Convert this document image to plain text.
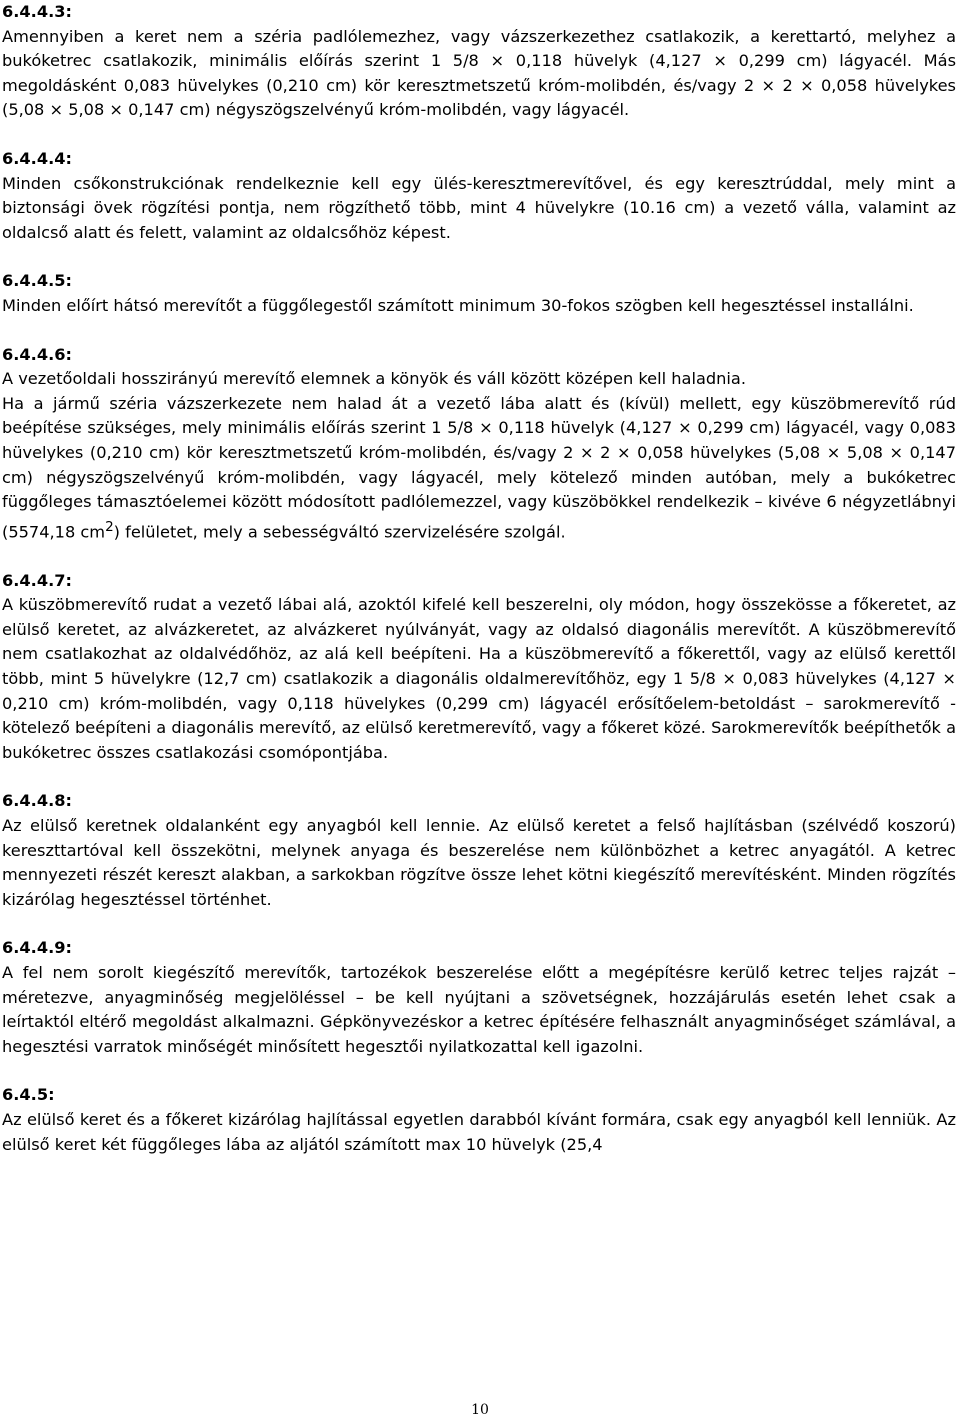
6.4.4.3:

Amennyiben a keret nem a széria padlólemezhez, vagy vázszerkezethez csatlakozik, a kerettartó, melyhez a bukóketrec csatlakozik, minimális előírás szerint 1 5/8 × 0,118 hüvelyk (4,127 × 0,299 cm) lágyacél. Más megoldásként 0,083 hüvelykes (0,210 cm) kör keresztmetszetű króm-molibdén, és/vagy 2 × 2 × 0,058 hüvelykes (5,08 × 5,08 × 0,147 cm) négyszögszelvényű króm-molibdén, vagy lágyacél.

6.4.4.4:

Minden csőkonstrukciónak rendelkeznie kell egy ülés-keresztmerevítővel, és egy keresztrúddal, mely mint a biztonsági övek rögzítési pontja, nem rögzíthető több, mint 4 hüvelykre (10.16 cm) a vezető válla, valamint az oldalcső alatt és felett, valamint az oldalcsőhöz képest.

6.4.4.5:

Minden előírt hátsó merevítőt a függőlegestől számított minimum 30-fokos szögben kell hegesztéssel installálni.

6.4.4.6:

A vezetőoldali hosszirányú merevítő elemnek a könyök és váll között középen kell haladnia.

Ha a jármű széria vázszerkezete nem halad át a vezető lába alatt és (kívül) mellett, egy küszöbmerevítő rúd beépítése szükséges, mely minimális előírás szerint 1 5/8 × 0,118 hüvelyk (4,127 × 0,299 cm) lágyacél, vagy 0,083 hüvelykes (0,210 cm) kör keresztmetszetű króm-molibdén, és/vagy 2 × 2 × 0,058 hüvelykes (5,08 × 5,08 × 0,147 cm) négyszögszelvényű króm-molibdén, vagy lágyacél, mely kötelező minden autóban, mely a bukóketrec függőleges támasztóelemei között módosított padlólemezzel, vagy küszöbökkel rendelkezik – kivéve 6 négyzetlábnyi (5574,18 $cm^2$) felületet, mely a sebességváltó szervizelésére szolgál.

6.4.4.7:

A küszöbmerevítő rudat a vezető lábai alá, azoktól kifelé kell beszerelni, oly módon, hogy összekösse a főkeretet, az elülső keretet, az alvázkeretet, az alvázkeret nyúlványát, vagy az oldalsó diagonális merevítőt. A küszöbmerevítő nem csatlakozhat az oldalvédőhöz, az alá kell beépíteni. Ha a küszöbmerevítő a főkerettől, vagy az elülső kerettől több, mint 5 hüvelykre (12,7 cm) csatlakozik a diagonális oldalmerevítőhöz, egy 1 5/8 × 0,083 hüvelykes (4,127 × 0,210 cm) króm-molibdén, vagy 0,118 hüvelykes (0,299 cm) lágyacél erősítőelem-betoldást – sarokmerevítő - kötelező beépíteni a diagonális merevítő, az elülső keretmerevítő, vagy a főkeret közé. Sarokmerevítők beépíthetők a bukóketrec összes csatlakozási csomópontjába.

6.4.4.8:

Az elülső keretnek oldalanként egy anyagból kell lennie. Az elülső keretet a felső hajlításban (szélvédő koszorú) kereszttartóval kell összekötni, melynek anyaga és beszerelése nem különbözhet a ketrec anyagától. A ketrec mennyezeti részét kereszt alakban, a sarkokban rögzítve össze lehet kötni kiegészítő merevítésként. Minden rögzítés kizárólag hegesztéssel történhet.

6.4.4.9:

A fel nem sorolt kiegészítő merevítők, tartozékok beszerelése előtt a megépítésre kerülő ketrec teljes rajzát – méretezve, anyagminőség megjelöléssel – be kell nyújtani a szövetségnek, hozzájárulás esetén lehet csak a leírtaktól eltérő megoldást alkalmazni. Gépkönyvezéskor a ketrec építésére felhasznált anyagminőséget számlával, a hegesztési varratok minőségét minősített hegesztői nyilatkozattal kell igazolni.

6.4.5:

Az elülső keret és a főkeret kizárólag hajlítással egyetlen darabból kívánt formára, csak egy anyagból kell lenniük. Az elülső keret két függőleges lába az aljától számított max 10 hüvelyk (25,4

10
